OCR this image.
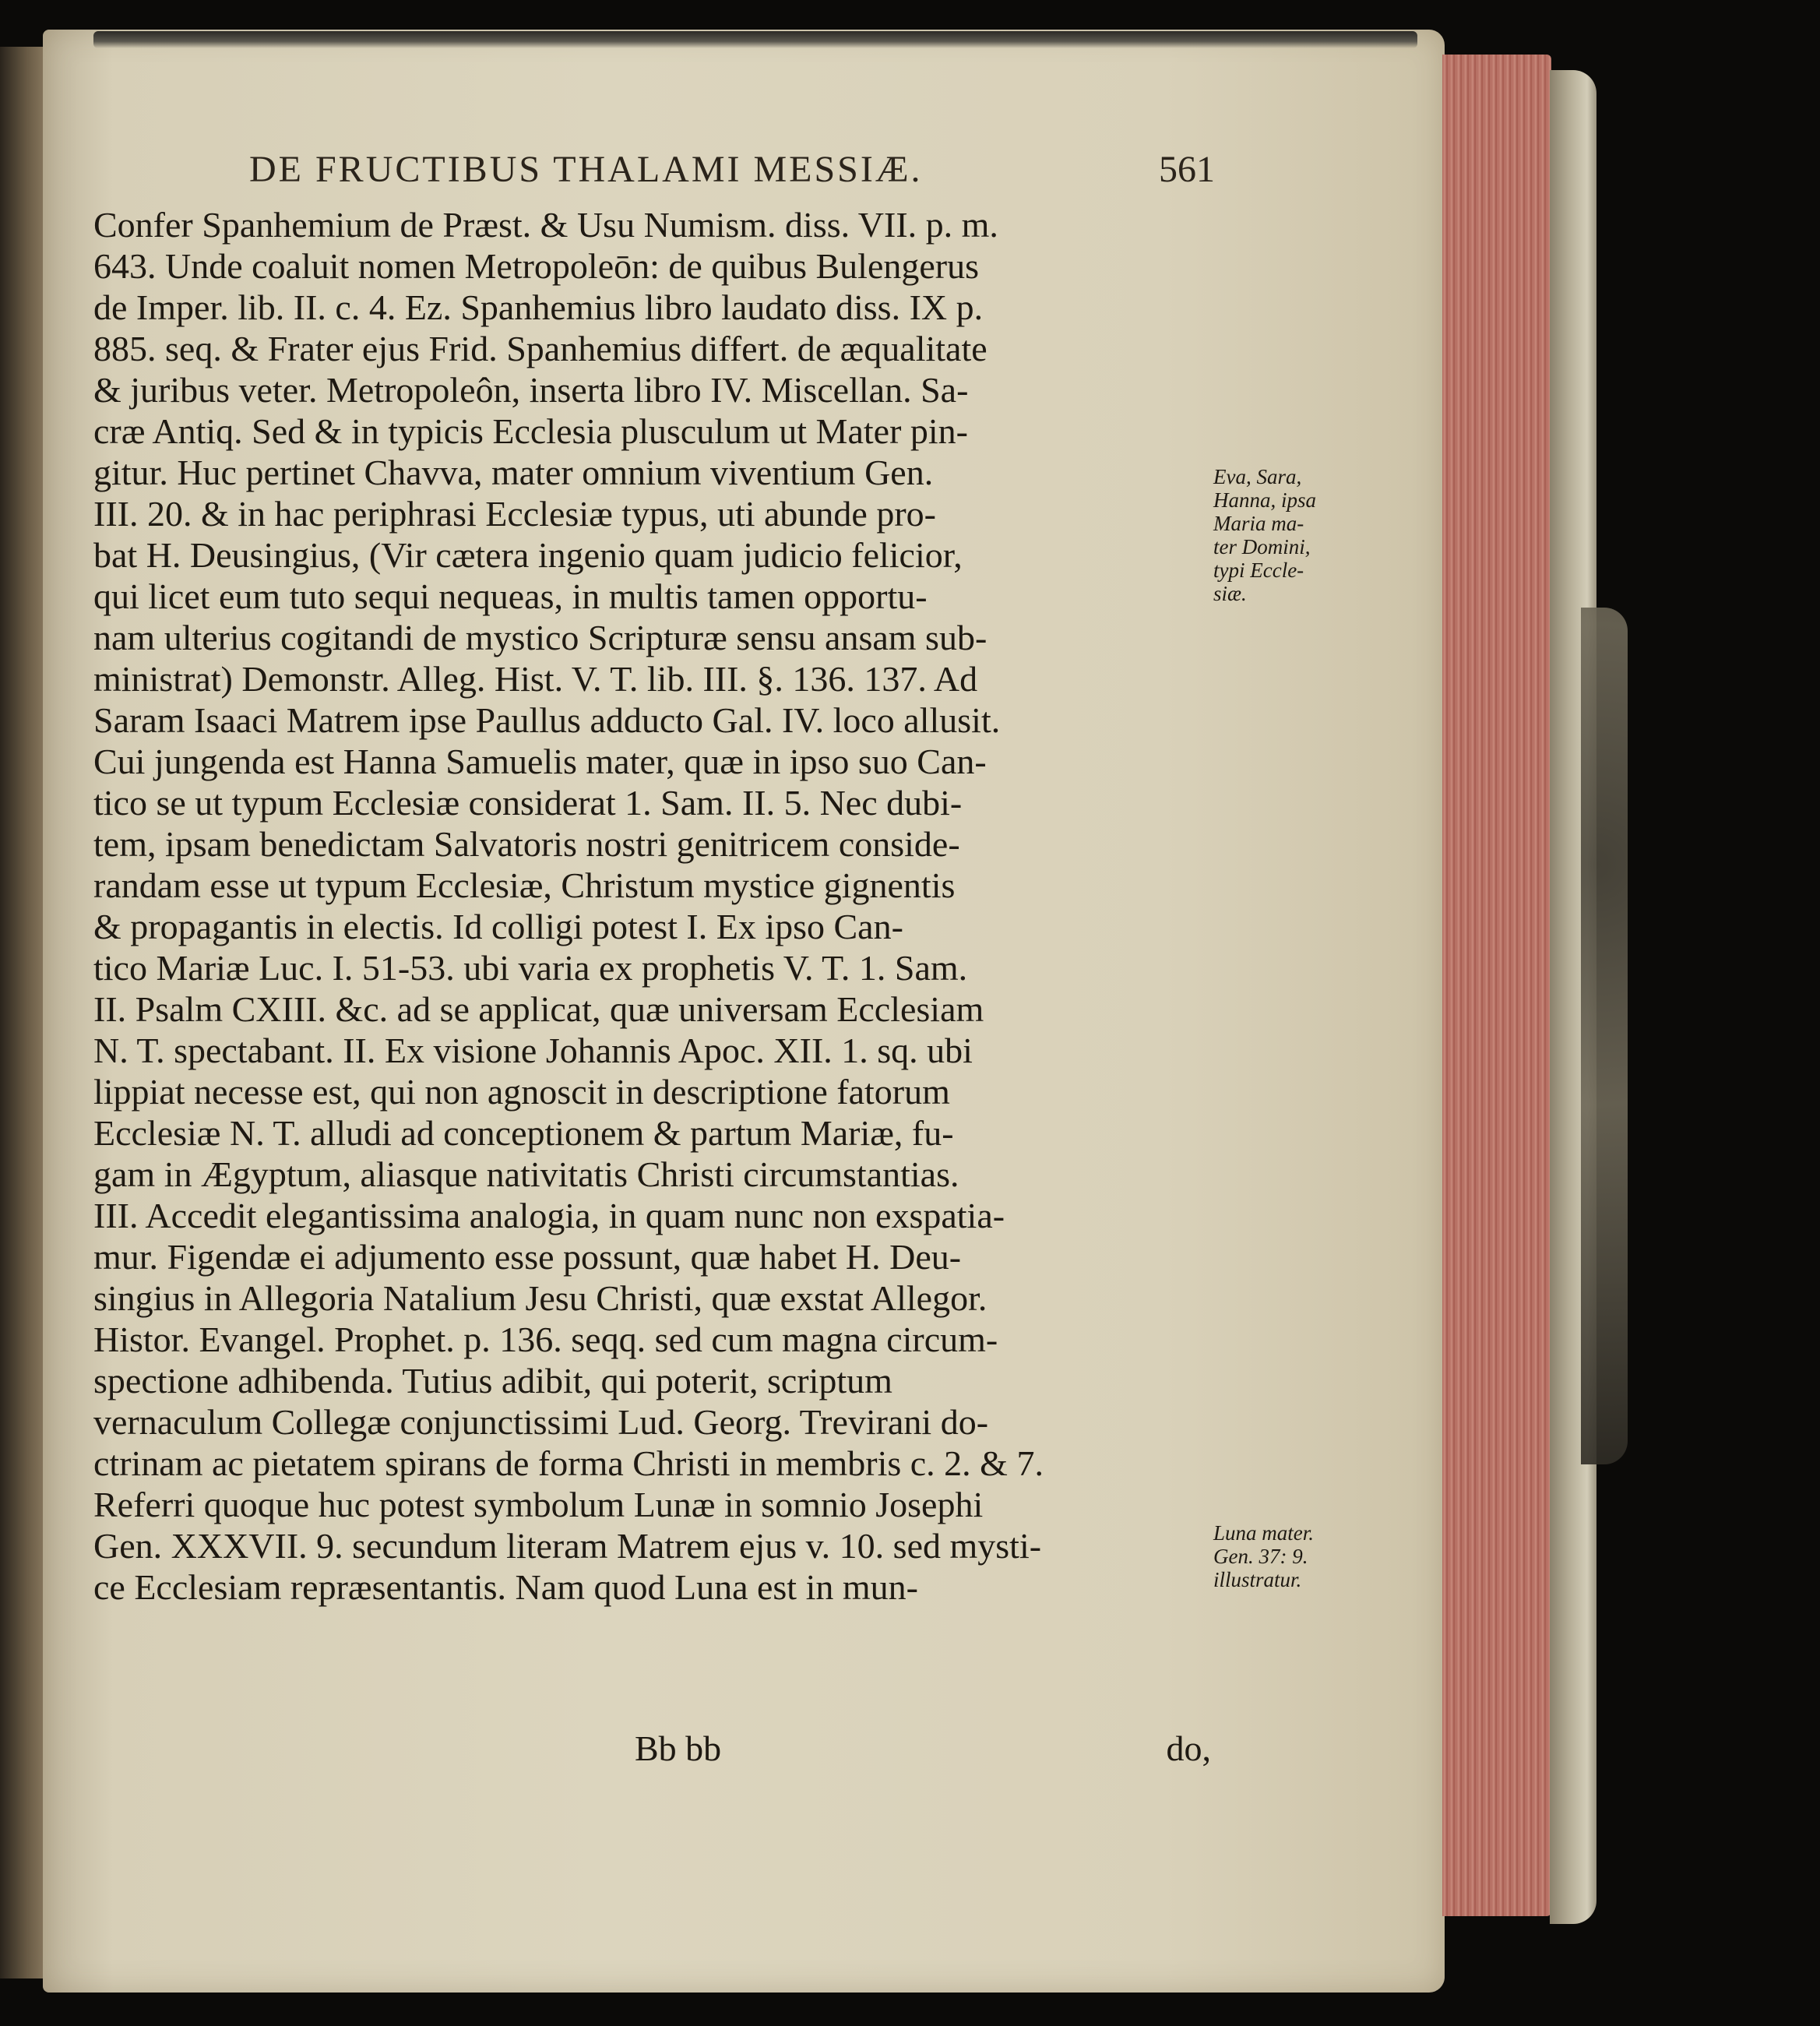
DE FRUCTIBUS THALAMI MESSIÆ.	561
Confer Spanhemium de Præst. & Usu Numism. diss. VII. p. m.
643. Unde coaluit nomen Metropoleōn: de quibus Bulengerus
de Imper. lib. II. c. 4. Ez. Spanhemius libro laudato diss. IX p.
885. seq. & Frater ejus Frid. Spanhemius differt. de æqualitate
& juribus veter. Metropoleôn, inserta libro IV. Miscellan. Sa-
cræ Antiq. Sed & in typicis Ecclesia plusculum ut Mater pin-
gitur. Huc pertinet Chavva, mater omnium viventium Gen.
III. 20. & in hac periphrasi Ecclesiæ typus, uti abunde pro-
bat H. Deusingius, (Vir cætera ingenio quam judicio felicior,
qui licet eum tuto sequi nequeas, in multis tamen opportu-
nam ulterius cogitandi de mystico Scripturæ sensu ansam sub-
ministrat) Demonstr. Alleg. Hist. V. T. lib. III. §. 136. 137. Ad
Saram Isaaci Matrem ipse Paullus adducto Gal. IV. loco allusit.
Cui jungenda est Hanna Samuelis mater, quæ in ipso suo Can-
tico se ut typum Ecclesiæ considerat 1. Sam. II. 5. Nec dubi-
tem, ipsam benedictam Salvatoris nostri genitricem conside-
randam esse ut typum Ecclesiæ, Christum mystice gignentis
& propagantis in electis. Id colligi potest I. Ex ipso Can-
tico Mariæ Luc. I. 51-53. ubi varia ex prophetis V. T. 1. Sam.
II. Psalm CXIII. &c. ad se applicat, quæ universam Ecclesiam
N. T. spectabant. II. Ex visione Johannis Apoc. XII. 1. sq. ubi
lippiat necesse est, qui non agnoscit in descriptione fatorum
Ecclesiæ N. T. alludi ad conceptionem & partum Mariæ, fu-
gam in Ægyptum, aliasque nativitatis Christi circumstantias.
III. Accedit elegantissima analogia, in quam nunc non exspatia-
mur. Figendæ ei adjumento esse possunt, quæ habet H. Deu-
singius in Allegoria Natalium Jesu Christi, quæ exstat Allegor.
Histor. Evangel. Prophet. p. 136. seqq. sed cum magna circum-
spectione adhibenda. Tutius adibit, qui poterit, scriptum
vernaculum Collegæ conjunctissimi Lud. Georg. Trevirani do-
ctrinam ac pietatem spirans de forma Christi in membris c. 2. & 7.
Referri quoque huc potest symbolum Lunæ in somnio Josephi
Gen. XXXVII. 9. secundum literam Matrem ejus v. 10. sed mysti-
ce Ecclesiam repræsentantis. Nam quod Luna est in mun-
Eva, Sara,
Hanna, ipsa
Maria ma-
ter Domini,
typi Eccle-
siæ.
Luna mater.
Gen. 37: 9.
illustratur.
Bb bb	do,
